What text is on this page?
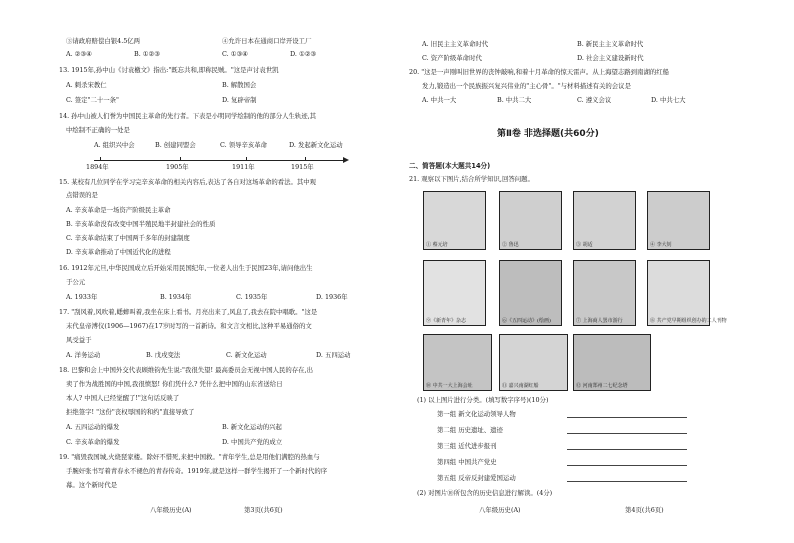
③请政府赔偿白银4.5亿两	④允许日本在通商口岸开设工厂
A. ②③④	B. ①②③	C. ①③④	D. ①②③
13. 1915年,孙中山《讨袁檄文》指出:"既忘共和,即称民贼。"这是声讨袁世凯
A. 刺杀宋教仁	B. 解散国会
C. 签定"二十一条"	D. 复辟帝制
14. 孙中山被人们誉为中国民主革命的先行者。下表是小明同学绘制的他的部分人生轨迹,其
中绘制不正确的一处是
A. 组织兴中会	B. 创建同盟会	C. 领导辛亥革命	D. 发起新文化运动
1894年	1905年	1911年	1915年
15. 某校有几位同学在学习完辛亥革命的相关内容后,表达了各自对这场革命的看法。其中观
点错误的是
A. 辛亥革命是一场资产阶级民主革命
B. 辛亥革命没有改变中国半殖民地半封建社会的性质
C. 辛亥革命结束了中国两千多年的封建制度
D. 辛亥革命推动了中国近代化的进程
16. 1912年元旦,中华民国成立后开始采用民国纪年,一位老人出生于民国23年,请问他出生
于公元
A. 1933年	B. 1934年	C. 1935年	D. 1936年
17. "刮风着,风吹着,蟋蟀叫着,我坐在床上看书。月亮出来了,风息了,我去在院中唱歌。"这是
末代皇帝溥仪(1906—1967)在17岁时写的一首新诗。和文言文相比,这种平易通俗的文
风受益于
A. 洋务运动	B. 戊戌变法	C. 新文化运动	D. 五四运动
18. 巴黎和会上中国外交代表顾维钧先生说:"我很失望! 最高委员会无视中国人民的存在,出
卖了作为战胜国的中国,我很愤怒! 你们凭什么? 凭什么把中国的山东省送给日
本人? 中国人已经觉醒了!"这句话反映了
拒绝签字! "这份"丧权辱国的和约"直接导致了
A. 五四运动的爆发	B. 新文化运动的兴起
C. 辛亥革命的爆发	D. 中国共产党的成立
19. "痛毁我国城,火烧琵家楼。除奸不惜死,来把中国救。"青年学生,总是用他们满腔的热血与
手腕奸张书写着青春永不褪色的青春传奇。1919年,就是这样一群学生揭开了一个新时代的序
幕。这个新时代是
八年级历史(A)	第3页(共6页)
A. 旧民主主义革命时代	B. 新民主主义革命时代
C. 资产阶级革命时代	D. 社会主义建设新时代
20. "这是一声刚叫旧世界的丧钟敲响,和着十月革命的惊天雷声。从上海望志路到南湖的红船
发力,锻造出一个民族振兴复兴伟业的"主心骨"。"与材料描述有关的会议是
A. 中共一大	B. 中共二大	C. 遵义会议	D. 中共七大
第Ⅱ卷 非选择题(共60分)
二、简答题(本大题共14分)
21. 观察以下图片,结合所学知识,回答问题。
① 蔡元培	② 鲁迅	③ 胡适	④ 李大钊
⑨《新青年》杂志	⑥《五四运动》(绘画)	⑦ 上海商人罢市游行	⑧ 共产党早期组织创办的工人刊物
⑩ 中共一大上海会址	⑪ 嘉兴南湖红船	⑫ 河南郑州二七纪念塔
(1) 以上图片进行分类。(填写数字序号)(10分)
第一组 新文化运动领导人物
第二组 历史遗址、遗迹
第三组 近代进步报刊
第四组 中国共产党史
第五组 反帝反封建爱国运动
(2) 对图片⑩所包含的历史信息进行解读。(4分)
八年级历史(A)	第4页(共6页)
